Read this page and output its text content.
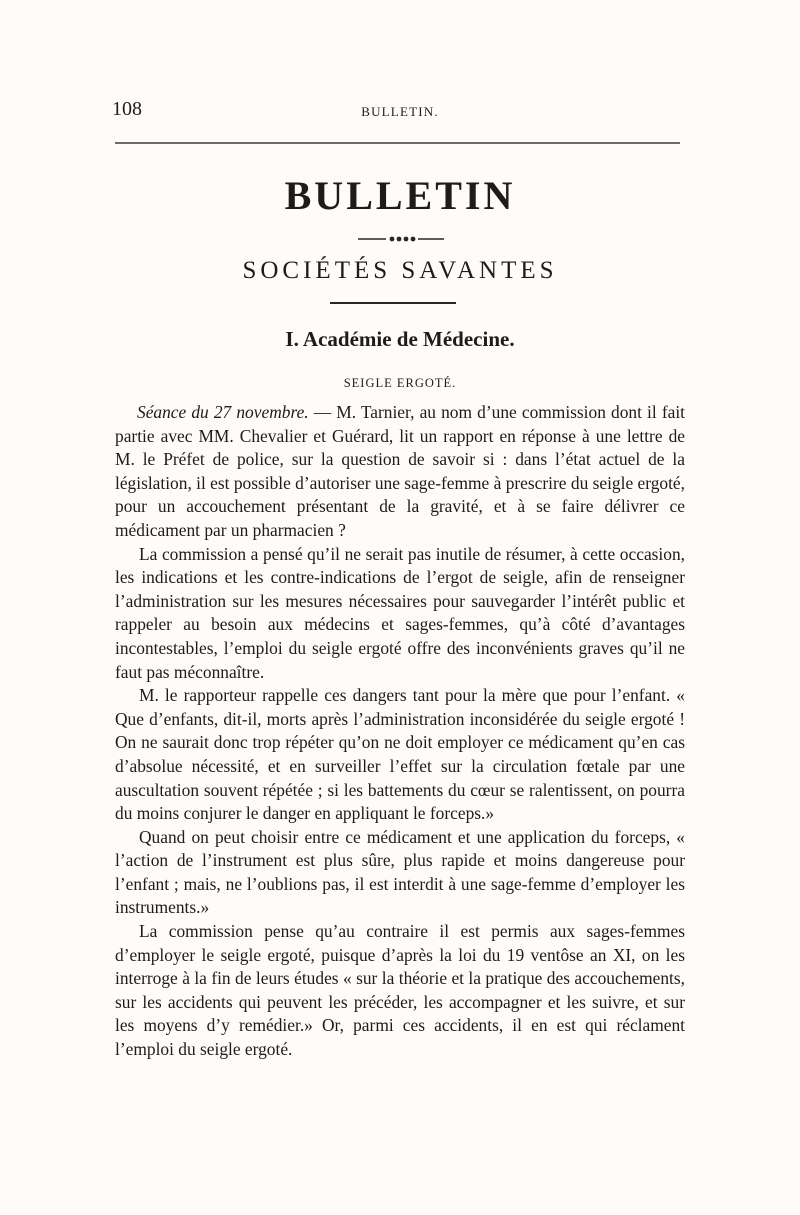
108	BULLETIN.
BULLETIN
SOCIÉTÉS SAVANTES
I. Académie de Médecine.
SEIGLE ERGOTÉ.

Séance du 27 novembre. — M. Tarnier, au nom d’une commission dont il fait partie avec MM. Chevalier et Guérard, lit un rapport en réponse à une lettre de M. le Préfet de police, sur la question de savoir si : dans l’état actuel de la législation, il est possible d’autoriser une sage-femme à prescrire du seigle ergoté, pour un accouchement présentant de la gravité, et à se faire délivrer ce médicament par un pharmacien ?

La commission a pensé qu’il ne serait pas inutile de résumer, à cette occasion, les indications et les contre-indications de l’ergot de seigle, afin de renseigner l’administration sur les mesures nécessaires pour sauvegarder l’intérêt public et rappeler au besoin aux médecins et sages-femmes, qu’à côté d’avantages incontestables, l’emploi du seigle ergoté offre des inconvénients graves qu’il ne faut pas méconnaître.

M. le rapporteur rappelle ces dangers tant pour la mère que pour l’enfant. « Que d’enfants, dit-il, morts après l’administration inconsidérée du seigle ergoté ! On ne saurait donc trop répéter qu’on ne doit employer ce médicament qu’en cas d’absolue nécessité, et en surveiller l’effet sur la circulation fœtale par une auscultation souvent répétée ; si les battements du cœur se ralentissent, on pourra du moins conjurer le danger en appliquant le forceps.»

Quand on peut choisir entre ce médicament et une application du forceps, « l’action de l’instrument est plus sûre, plus rapide et moins dangereuse pour l’enfant ; mais, ne l’oublions pas, il est interdit à une sage-femme d’employer les instruments.»

La commission pense qu’au contraire il est permis aux sages-femmes d’employer le seigle ergoté, puisque d’après la loi du 19 ventôse an XI, on les interroge à la fin de leurs études « sur la théorie et la pratique des accouchements, sur les accidents qui peuvent les précéder, les accompagner et les suivre, et sur les moyens d’y remédier.» Or, parmi ces accidents, il en est qui réclament l’emploi du seigle ergoté.
